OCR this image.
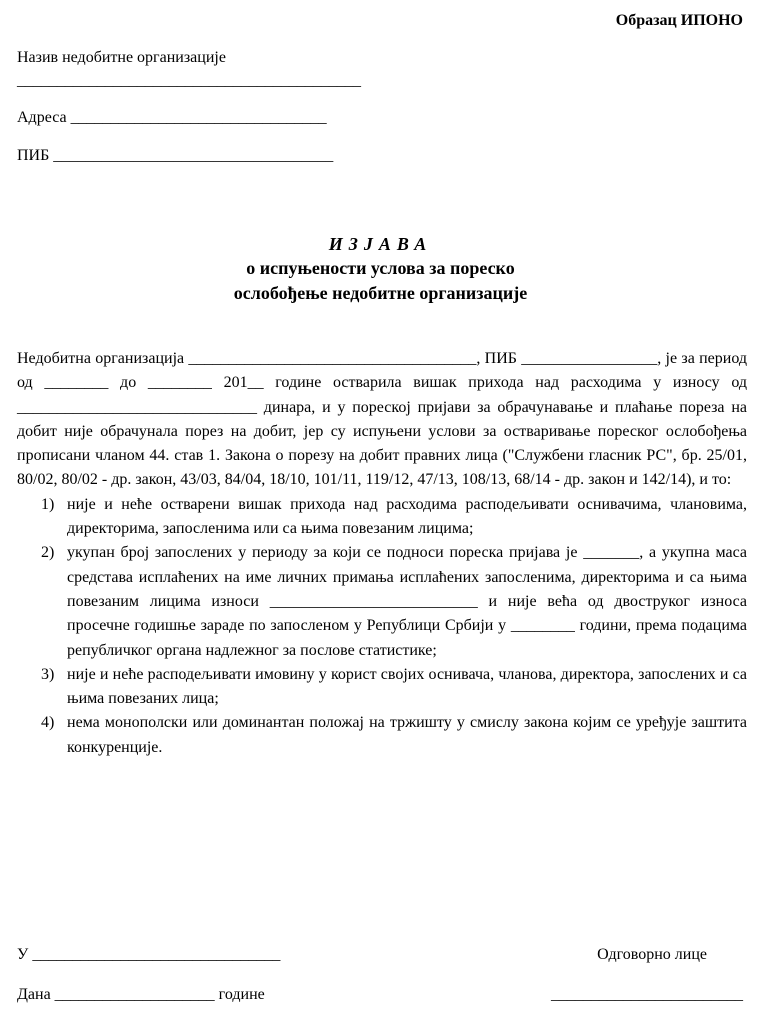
Образац ИПОНО
Назив недобитне организације
___________________________________________
Адреса ________________________________
ПИБ ___________________________________
ИЗЈАВА
о испуњености услова за пореско
ослобођење недобитне организације

Недобитна организација ____________________________________, ПИБ _________________, је за период од ________ до ________ 201__ године остварила вишак прихода над расходима у износу од ______________________________ динара, и у пореској пријави за обрачунавање и плаћање пореза на добит није обрачунала порез на добит, јер су испуњени услови за остваривање пореског ослобођења прописани чланом 44. став 1. Закона о порезу на добит правних лица ("Службени гласник РС", бр. 25/01, 80/02, 80/02 - др. закон, 43/03, 84/04, 18/10, 101/11, 119/12, 47/13, 108/13, 68/14 - др. закон и 142/14), и то:

1) није и неће остварени вишак прихода над расходима расподељивати оснивачима, члановима, директорима, запосленима или са њима повезаним лицима;
2) укупан број запослених у периоду за који се подноси пореска пријава је _______, а укупна маса средстава исплаћених на име личних примања исплаћених запосленима, директорима и са њима повезаним лицима износи __________________________ и није већа од двоструког износа просечне годишње зараде по запосленом у Републици Србији у ________ години, према подацима републичког органа надлежног за послове статистике;
3) није и неће расподељивати имовину у корист својих оснивача, чланова, директора, запослених и са њима повезаних лица;
4) нема монополски или доминантан положај на тржишту у смислу закона којим се уређује заштита конкуренције.
У _______________________________
Дана ____________________ године
Одговорно лице
________________________
